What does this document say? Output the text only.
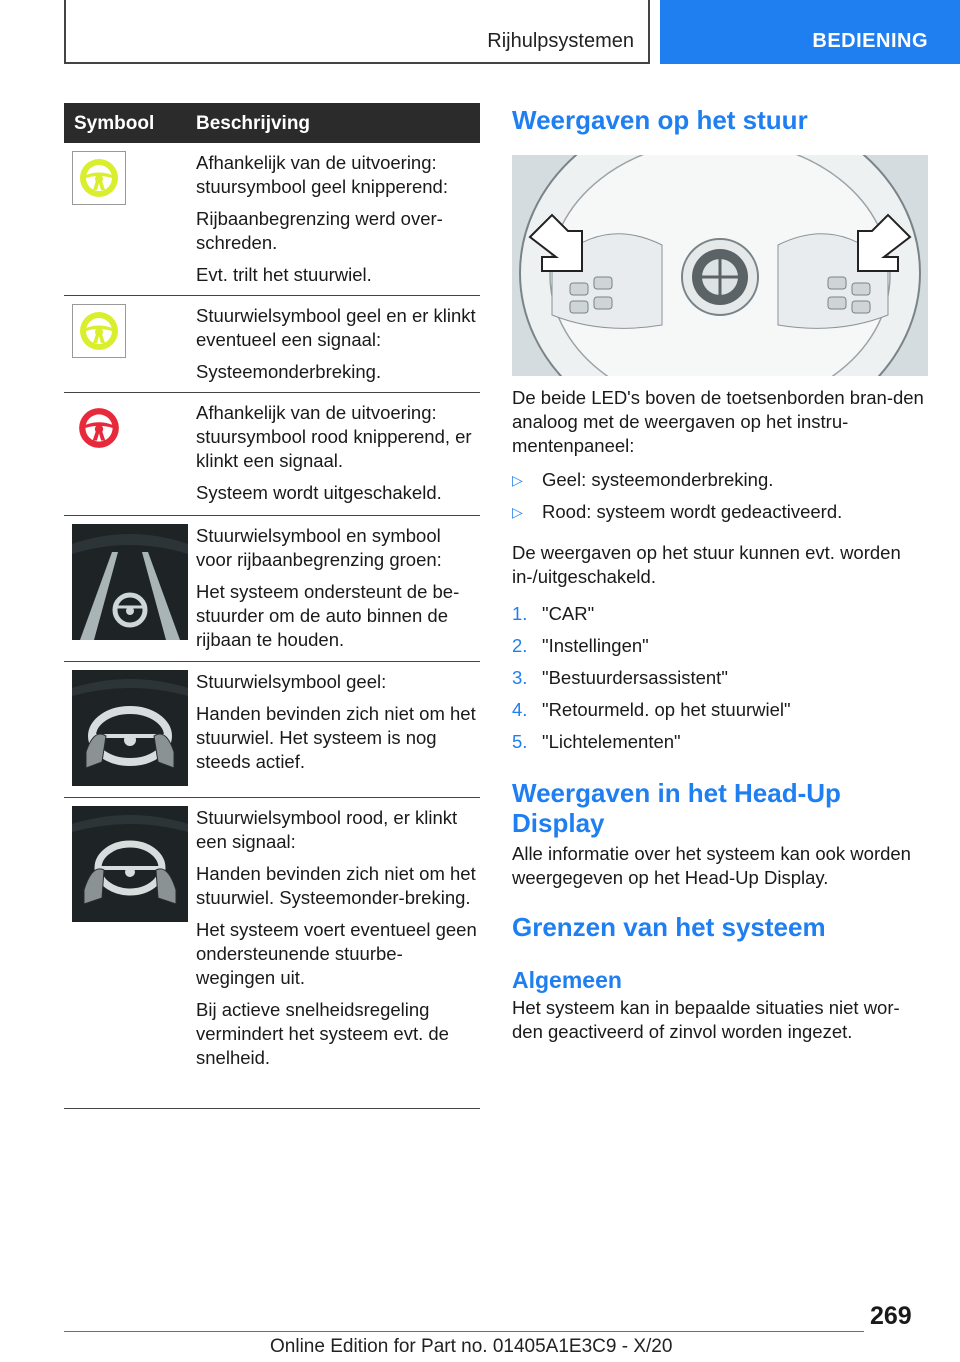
Rijhulpsystemen	BEDIENING
Symbool Beschrijving

Afhankelijk van de uitvoering: stuursymbool geel knipperend:

Rijbaanbegrenzing werd over-schreden.

Evt. trilt het stuurwiel.

Stuurwielsymbool geel en er klinkt eventueel een signaal:

Systeemonderbreking.

Afhankelijk van de uitvoering: stuursymbool rood knipperend, er klinkt een signaal.

Systeem wordt uitgeschakeld.

Stuurwielsymbool en symbool voor rijbaanbegrenzing groen:

Het systeem ondersteunt de be-stuurder om de auto binnen de rijbaan te houden.

Stuurwielsymbool geel:

Handen bevinden zich niet om het stuurwiel. Het systeem is nog steeds actief.

Stuurwielsymbool rood, er klinkt een signaal:

Handen bevinden zich niet om het stuurwiel. Systeemonder-breking.

Het systeem voert eventueel geen ondersteunende stuurbe-wegingen uit.

Bij actieve snelheidsregeling vermindert het systeem evt. de snelheid.

Weergaven op het stuur

De beide LED's boven de toetsenborden bran-den analoog met de weergaven op het instru-mentenpaneel:

▷ Geel: systeemonderbreking.
▷ Rood: systeem wordt gedeactiveerd.

De weergaven op het stuur kunnen evt. worden in-/uitgeschakeld.

1. "CAR"
2. "Instellingen"
3. "Bestuurdersassistent"
4. "Retourmeld. op het stuurwiel"
5. "Lichtelementen"
Weergaven in het Head-Up Display

Alle informatie over het systeem kan ook worden weergegeven op het Head-Up Display.

Grenzen van het systeem
Algemeen

Het systeem kan in bepaalde situaties niet wor-den geactiveerd of zinvol worden ingezet.

269
Online Edition for Part no. 01405A1E3C9 - X/20
